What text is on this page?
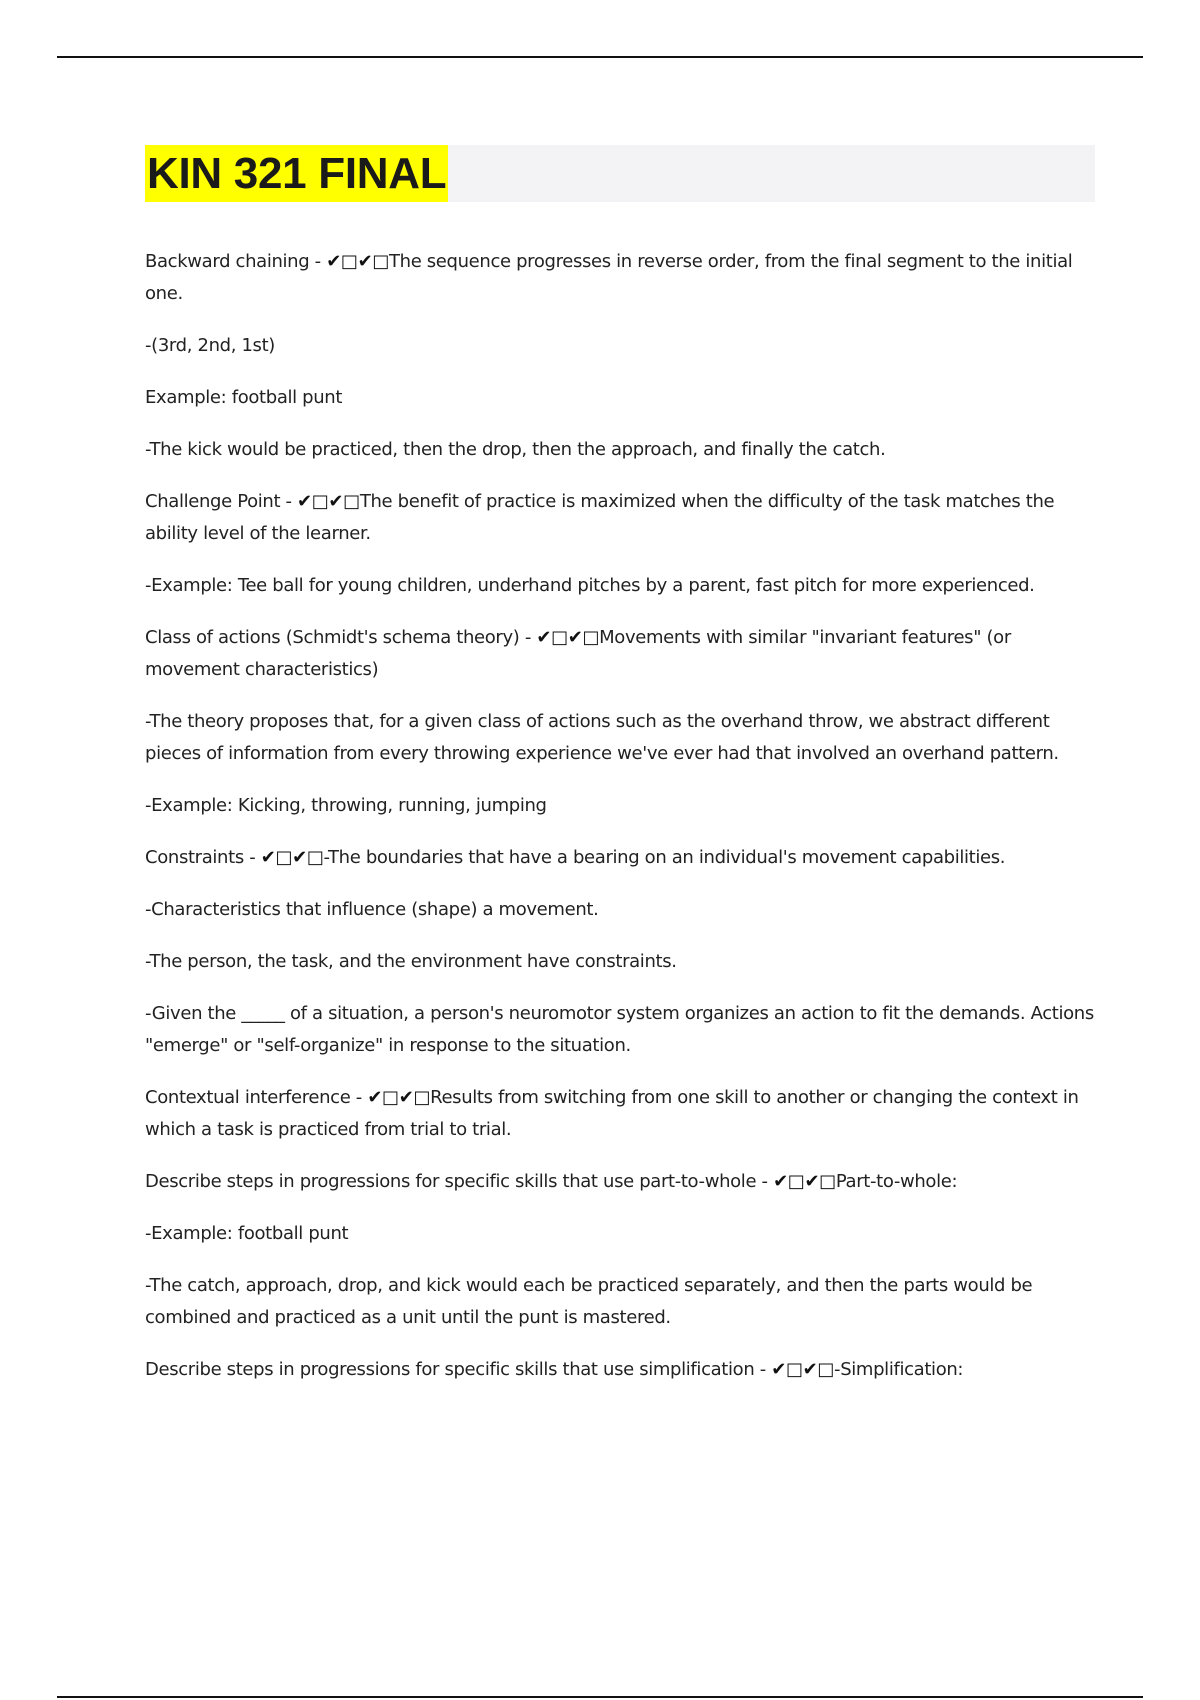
KIN 321 FINAL

Backward chaining - ✔□✔□The sequence progresses in reverse order, from the final segment to the initial one.

-(3rd, 2nd, 1st)

Example: football punt

-The kick would be practiced, then the drop, then the approach, and finally the catch.

Challenge Point - ✔□✔□The benefit of practice is maximized when the difficulty of the task matches the ability level of the learner.

-Example: Tee ball for young children, underhand pitches by a parent, fast pitch for more experienced.

Class of actions (Schmidt's schema theory) - ✔□✔□Movements with similar "invariant features" (or movement characteristics)

-The theory proposes that, for a given class of actions such as the overhand throw, we abstract different pieces of information from every throwing experience we've ever had that involved an overhand pattern.

-Example: Kicking, throwing, running, jumping

Constraints - ✔□✔□-The boundaries that have a bearing on an individual's movement capabilities.

-Characteristics that influence (shape) a movement.

-The person, the task, and the environment have constraints.

-Given the _____ of a situation, a person's neuromotor system organizes an action to fit the demands. Actions "emerge" or "self-organize" in response to the situation.

Contextual interference - ✔□✔□Results from switching from one skill to another or changing the context in which a task is practiced from trial to trial.

Describe steps in progressions for specific skills that use part-to-whole - ✔□✔□Part-to-whole:

-Example: football punt

-The catch, approach, drop, and kick would each be practiced separately, and then the parts would be combined and practiced as a unit until the punt is mastered.

Describe steps in progressions for specific skills that use simplification - ✔□✔□-Simplification:
